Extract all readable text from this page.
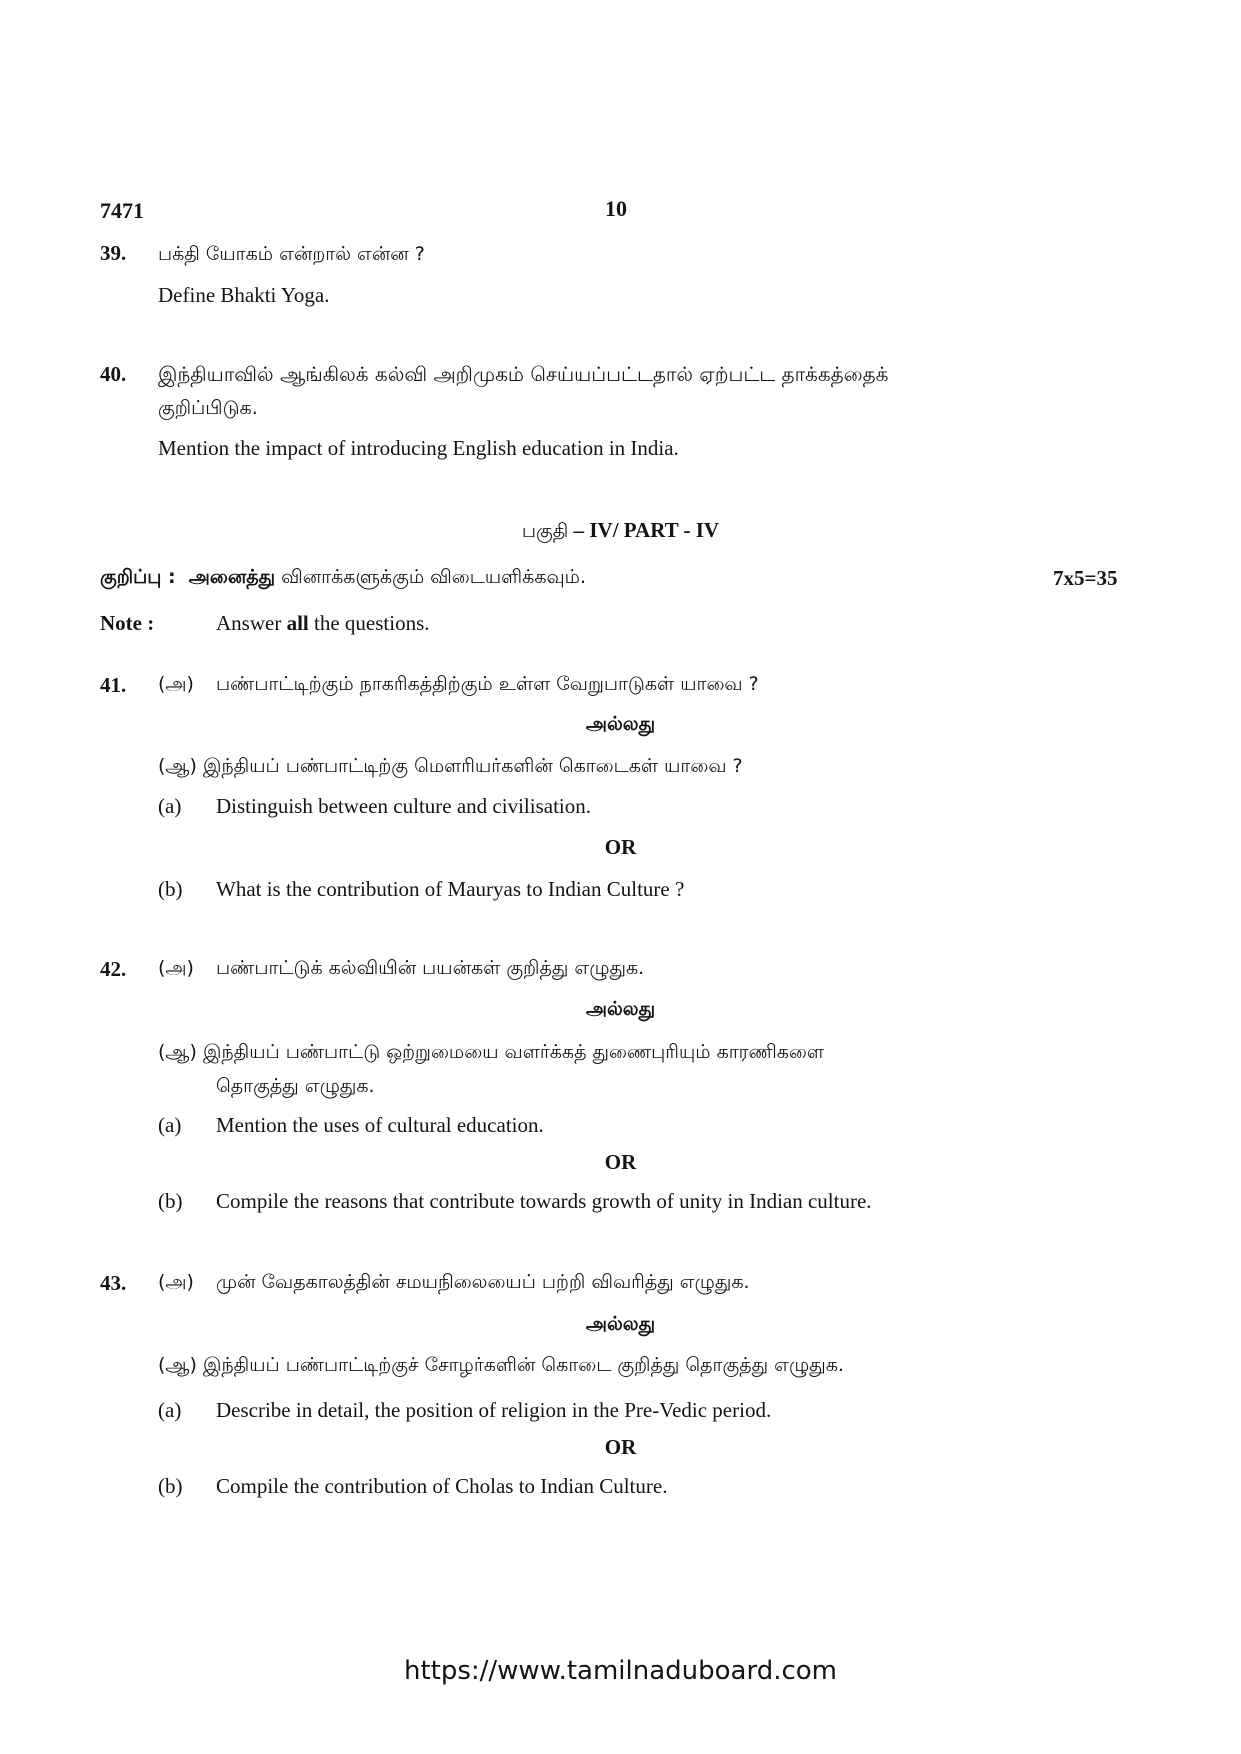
7471	10
39. பக்தி யோகம் என்றால் என்ன ?
Define Bhakti Yoga.
40. இந்தியாவில் ஆங்கிலக் கல்வி அறிமுகம் செய்யப்பட்டதால் ஏற்பட்ட தாக்கத்தைக்
குறிப்பிடுக.
Mention the impact of introducing English education in India.
பகுதி – IV/ PART - IV
குறிப்பு : அனைத்து வினாக்களுக்கும் விடையளிக்கவும்.	7x5=35
Note :	Answer all the questions.
41. (அ) பண்பாட்டிற்கும் நாகரிகத்திற்கும் உள்ள வேறுபாடுகள் யாவை ?
அல்லது
(ஆ) இந்தியப் பண்பாட்டிற்கு மௌரியர்களின் கொடைகள் யாவை ?
(a) Distinguish between culture and civilisation.
OR
(b) What is the contribution of Mauryas to Indian Culture ?
42. (அ) பண்பாட்டுக் கல்வியின் பயன்கள் குறித்து எழுதுக.
அல்லது
(ஆ) இந்தியப் பண்பாட்டு ஒற்றுமையை வளர்க்கத் துணைபுரியும் காரணிகளை
தொகுத்து எழுதுக.
(a) Mention the uses of cultural education.
OR
(b) Compile the reasons that contribute towards growth of unity in Indian culture.
43. (அ) முன் வேதகாலத்தின் சமயநிலையைப் பற்றி விவரித்து எழுதுக.
அல்லது
(ஆ) இந்தியப் பண்பாட்டிற்குச் சோழர்களின் கொடை குறித்து தொகுத்து எழுதுக.
(a) Describe in detail, the position of religion in the Pre-Vedic period.
OR
(b) Compile the contribution of Cholas to Indian Culture.
https://www.tamilnaduboard.com
